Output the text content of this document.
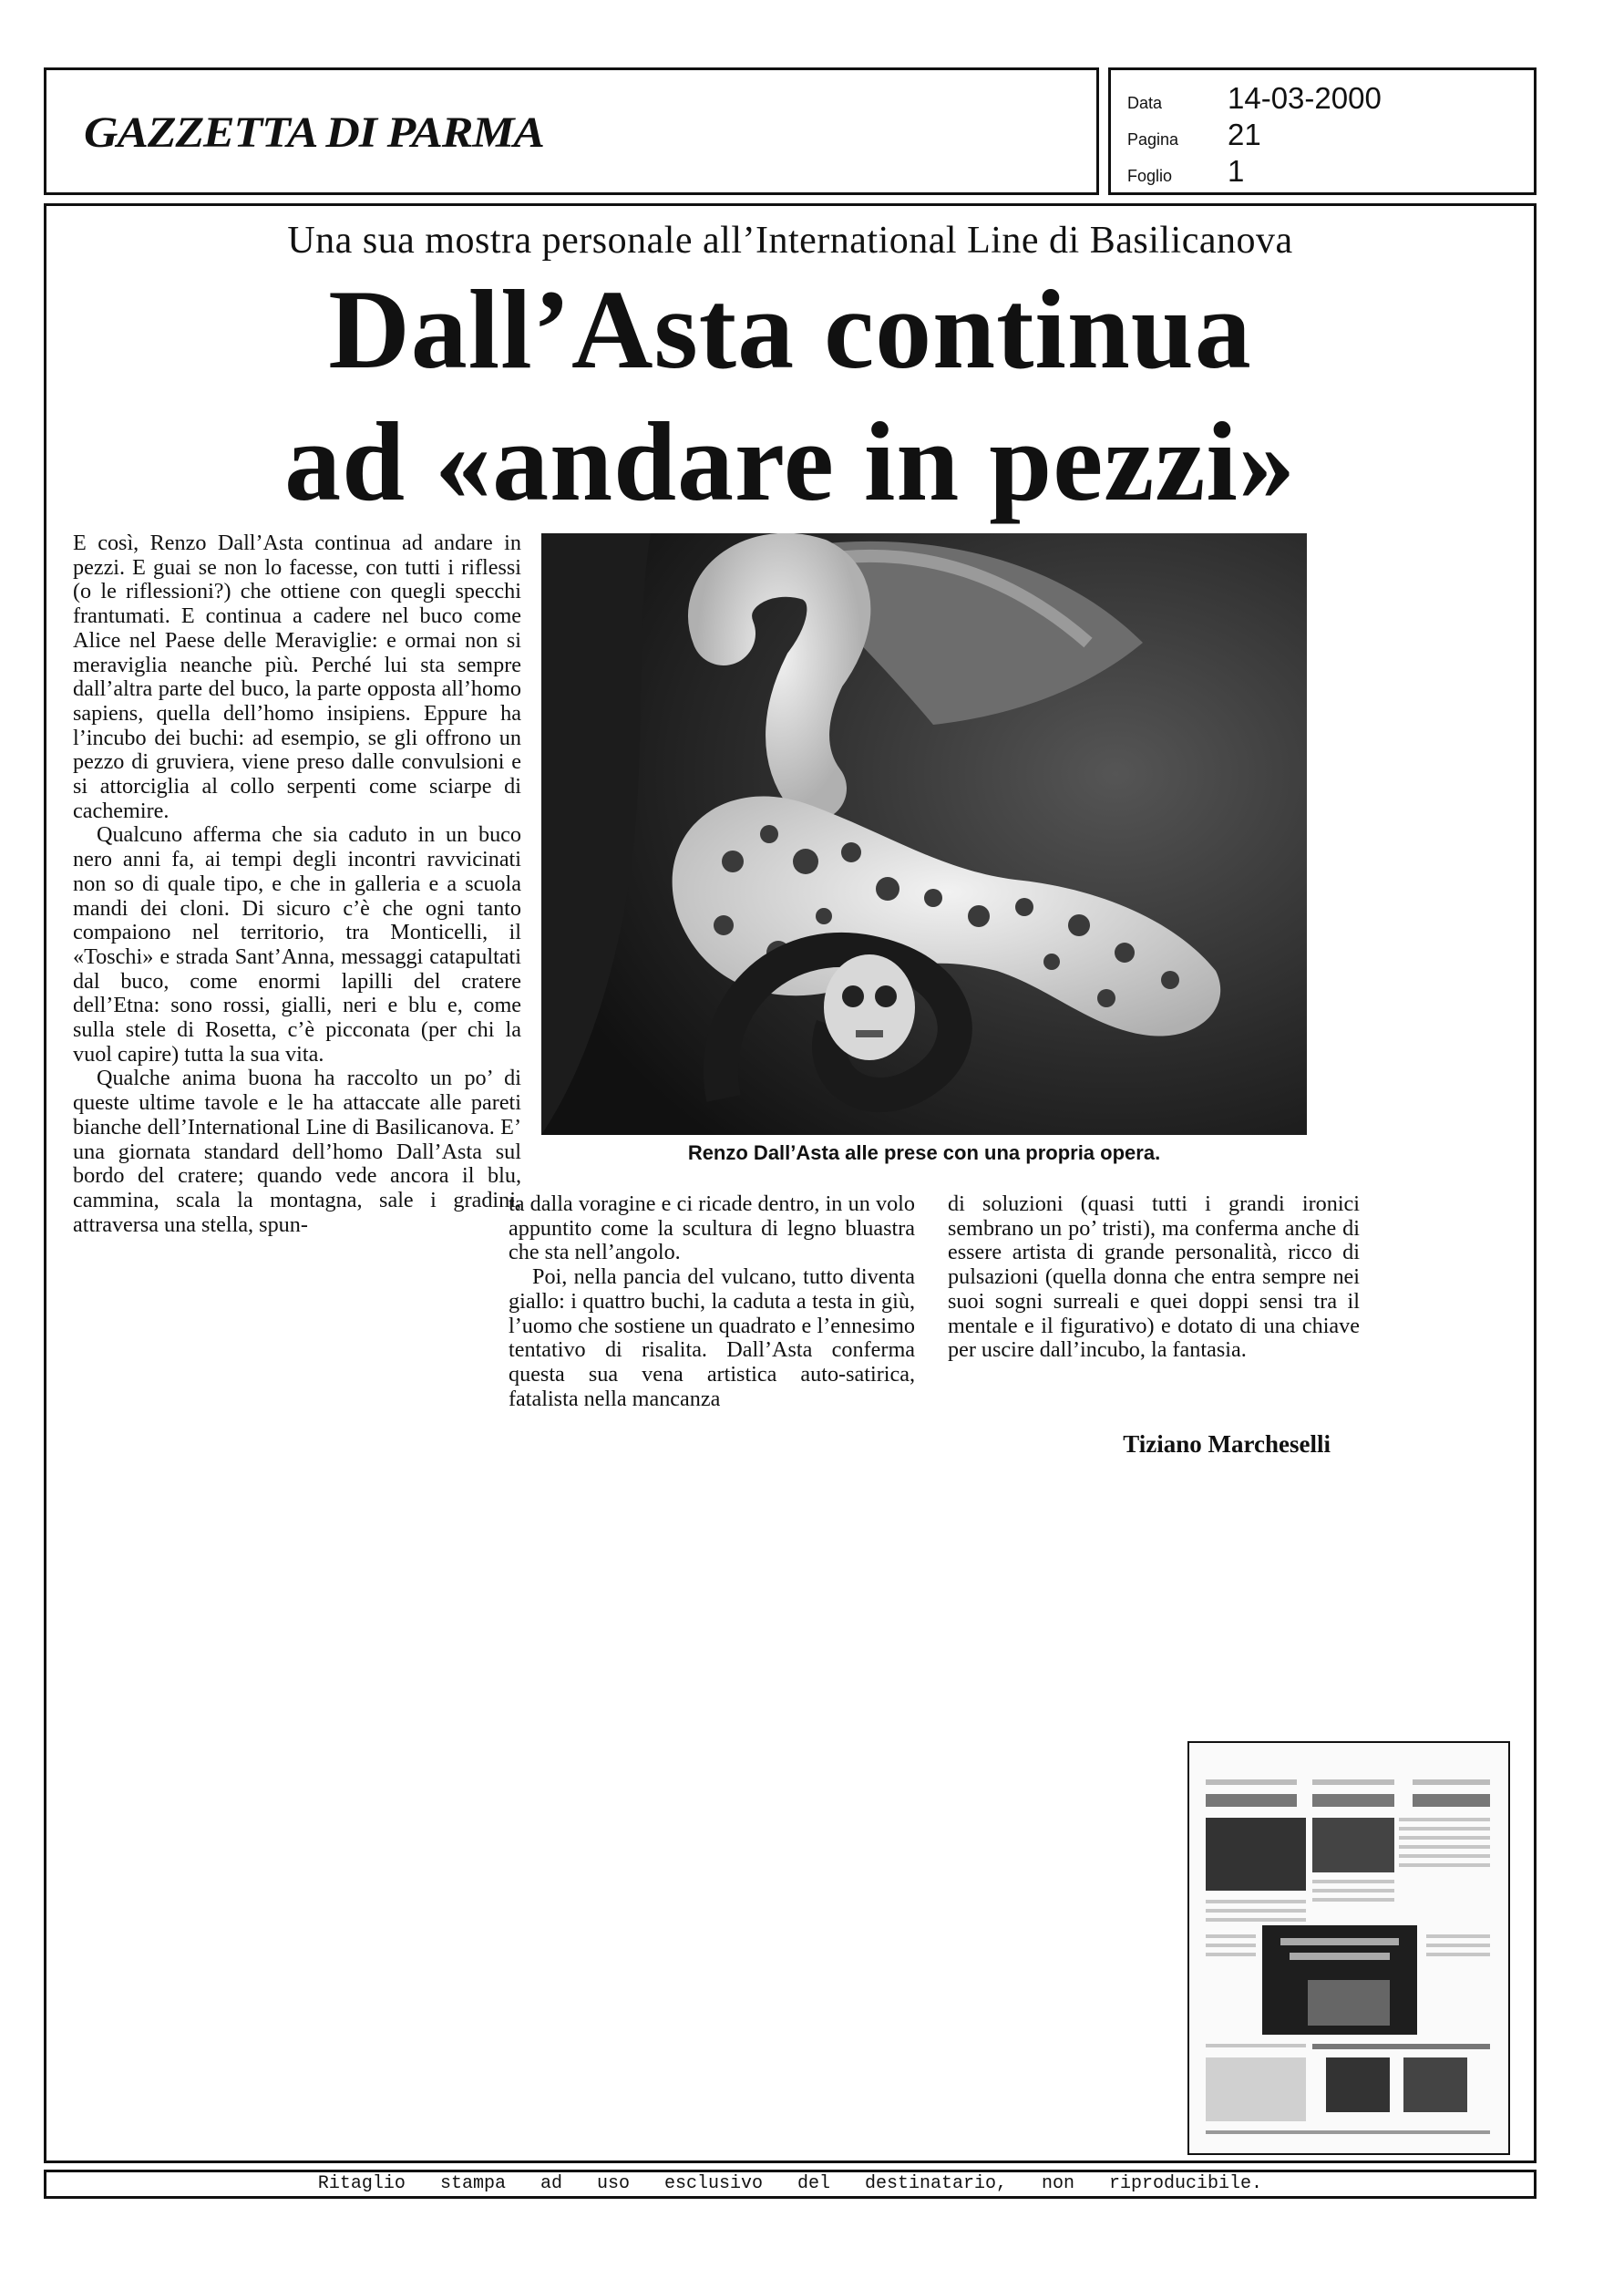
GAZZETTA DI PARMA
Data 14-03-2000
Pagina 21
Foglio 1
Una sua mostra personale all’International Line di Basilicanova
Dall’Asta continua
ad «andare in pezzi»

E così, Renzo Dall’Asta continua ad andare in pezzi. E guai se non lo facesse, con tutti i riflessi (o le riflessioni?) che ottiene con quegli specchi frantumati. E continua a cadere nel buco come Alice nel Paese delle Meraviglie: e ormai non si meraviglia neanche più. Perché lui sta sempre dall’altra parte del buco, la parte opposta all’homo sapiens, quella dell’homo insipiens. Eppure ha l’incubo dei buchi: ad esempio, se gli offrono un pezzo di gruviera, viene preso dalle convulsioni e si attorciglia al collo serpenti come sciarpe di cachemire.

Qualcuno afferma che sia caduto in un buco nero anni fa, ai tempi degli incontri ravvicinati non so di quale tipo, e che in galleria e a scuola mandi dei cloni. Di sicuro c’è che ogni tanto compaiono nel territorio, tra Monticelli, il «Toschi» e strada Sant’Anna, messaggi catapultati dal buco, come enormi lapilli del cratere dell’Etna: sono rossi, gialli, neri e blu e, come sulla stele di Rosetta, c’è picconata (per chi la vuol capire) tutta la sua vita.

Qualche anima buona ha raccolto un po’ di queste ultime tavole e le ha attaccate alle pareti bianche dell’International Line di Basilicanova. E’ una giornata standard dell’homo Dall’Asta sul bordo del cratere; quando vede ancora il blu, cammina, scala la montagna, sale i gradini, attraversa una stella, spun-

Renzo Dall’Asta alle prese con una propria opera.

ta dalla voragine e ci ricade dentro, in un volo appuntito come la scultura di legno bluastra che sta nell’angolo.

Poi, nella pancia del vulcano, tutto diventa giallo: i quattro buchi, la caduta a testa in giù, l’uomo che sostiene un quadrato e l’ennesimo tentativo di risalita. Dall’Asta conferma questa sua vena artistica auto-satirica, fatalista nella mancanza

di soluzioni (quasi tutti i grandi ironici sembrano un po’ tristi), ma conferma anche di essere artista di grande personalità, ricco di pulsazioni (quella donna che entra sempre nei suoi sogni surreali e quei doppi sensi tra il mentale e il figurativo) e dotato di una chiave per uscire dall’incubo, la fantasia.

Tiziano Marcheselli
Ritaglio stampa ad uso esclusivo del destinatario, non riproducibile.
